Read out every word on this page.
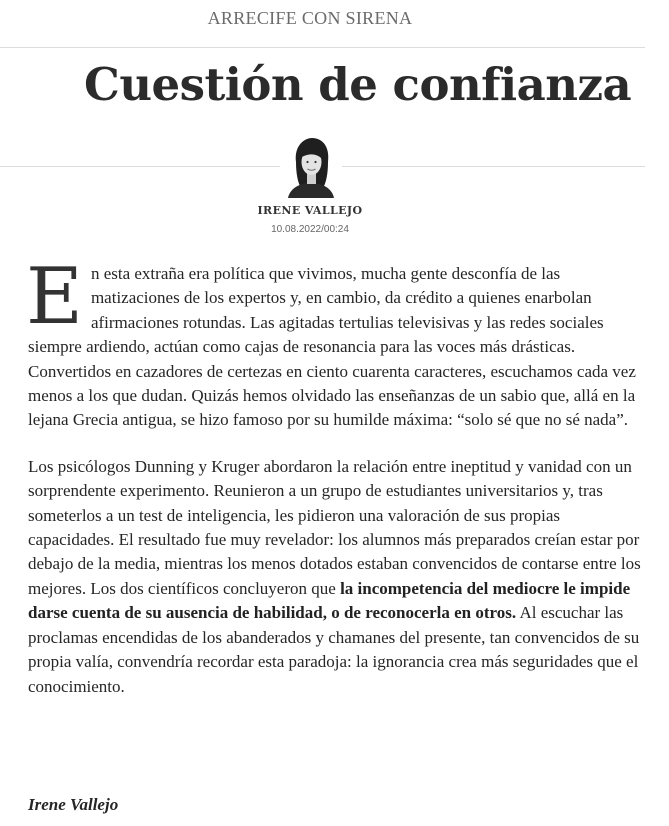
ARRECIFE CON SIRENA
Cuestión de confianza
IRENE VALLEJO
10.08.2022/00:24

En esta extraña era política que vivimos, mucha gente desconfía de las matizaciones de los expertos y, en cambio, da crédito a quienes enarbolan afirmaciones rotundas. Las agitadas tertulias televisivas y las redes sociales siempre ardiendo, actúan como cajas de resonancia para las voces más drásticas. Convertidos en cazadores de certezas en ciento cuarenta caracteres, escuchamos cada vez menos a los que dudan. Quizás hemos olvidado las enseñanzas de un sabio que, allá en la lejana Grecia antigua, se hizo famoso por su humilde máxima: “solo sé que no sé nada”.

Los psicólogos Dunning y Kruger abordaron la relación entre ineptitud y vanidad con un sorprendente experimento. Reunieron a un grupo de estudiantes universitarios y, tras someterlos a un test de inteligencia, les pidieron una valoración de sus propias capacidades. El resultado fue muy revelador: los alumnos más preparados creían estar por debajo de la media, mientras los menos dotados estaban convencidos de contarse entre los mejores. Los dos científicos concluyeron que la incompetencia del mediocre le impide darse cuenta de su ausencia de habilidad, o de reconocerla en otros. Al escuchar las proclamas encendidas de los abanderados y chamanes del presente, tan convencidos de su propia valía, convendría recordar esta paradoja: la ignorancia crea más seguridades que el conocimiento.

Irene Vallejo
